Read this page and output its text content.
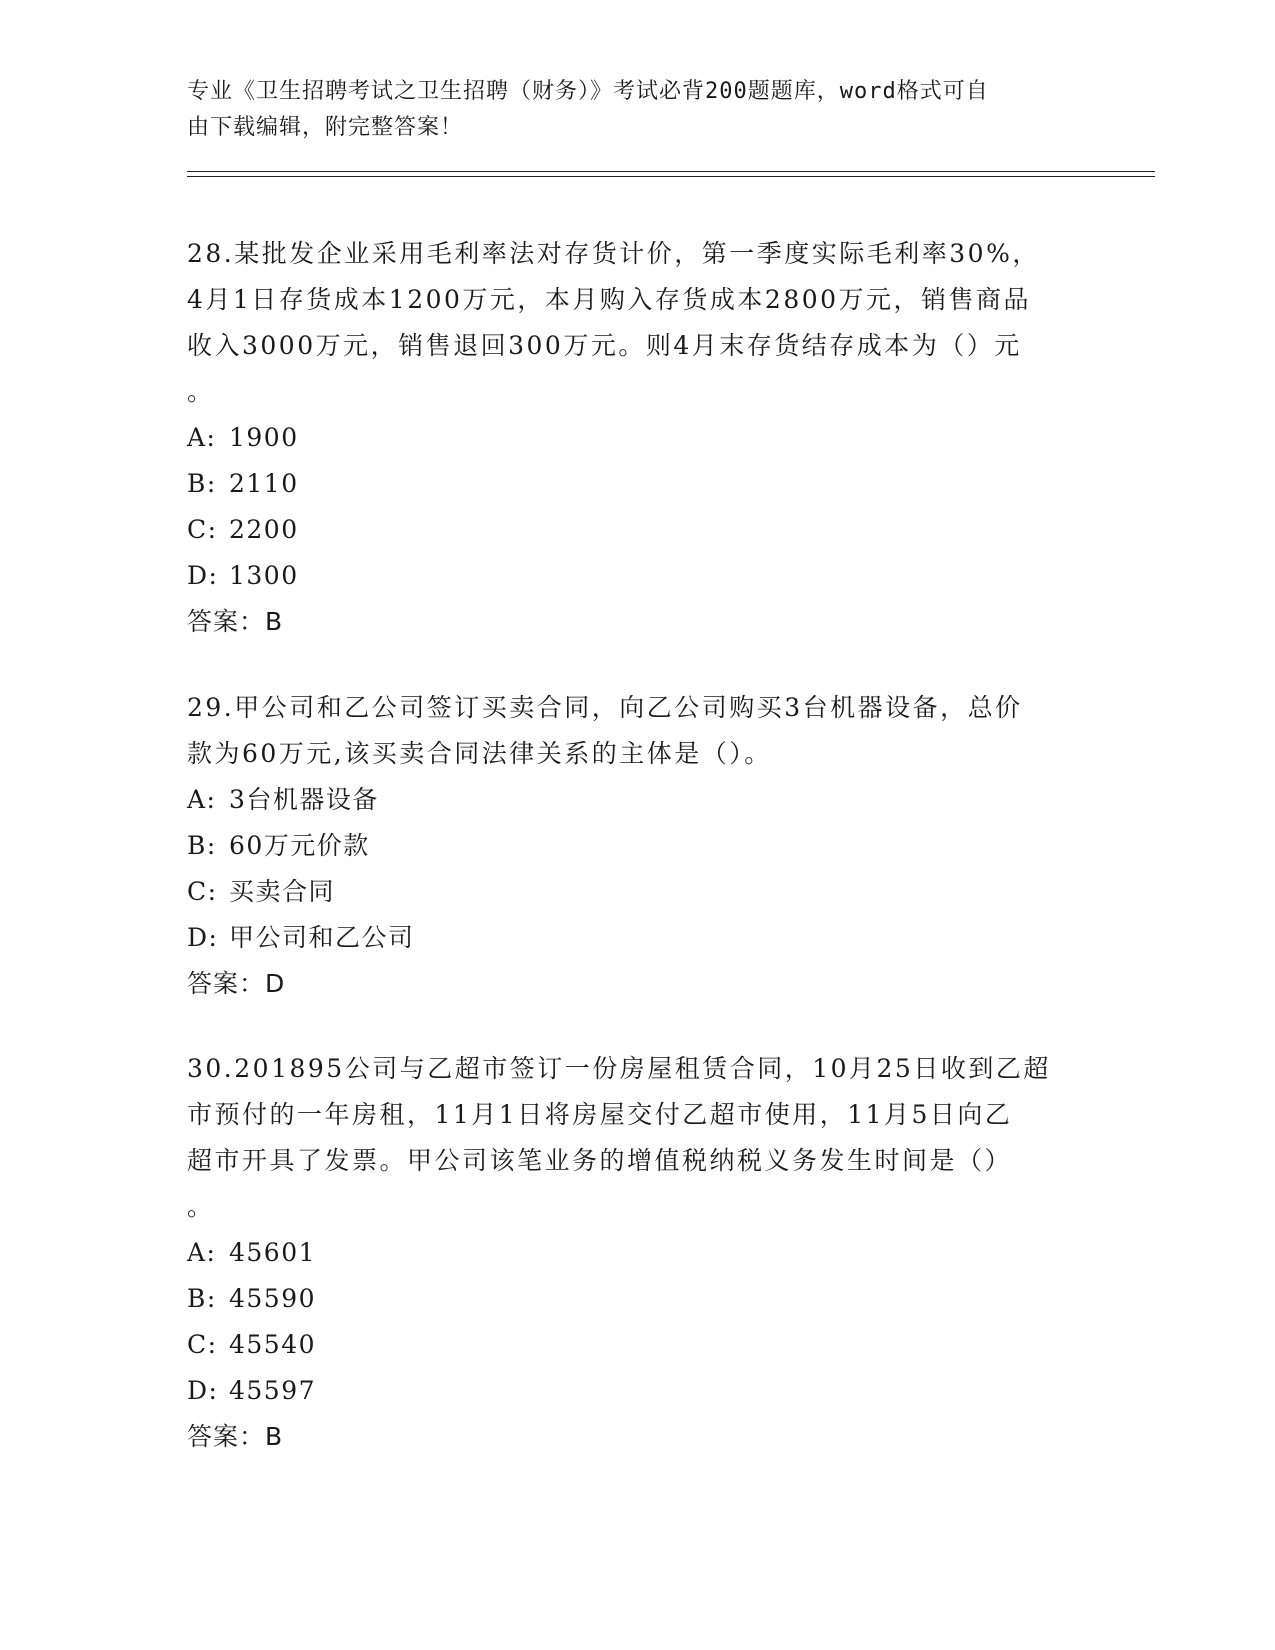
专业《卫生招聘考试之卫生招聘（财务）》考试必背200题题库，word格式可自
由下载编辑，附完整答案！

28.某批发企业采用毛利率法对存货计价，第一季度实际毛利率30%，

4月1日存货成本1200万元，本月购入存货成本2800万元，销售商品

收入3000万元，销售退回300万元。则4月末存货结存成本为（）元

。

A: 1900

B: 2110

C: 2200

D: 1300

答案：B

29.甲公司和乙公司签订买卖合同，向乙公司购买3台机器设备，总价

款为60万元,该买卖合同法律关系的主体是（）。

A: 3台机器设备

B: 60万元价款

C: 买卖合同

D: 甲公司和乙公司

答案：D

30.201895公司与乙超市签订一份房屋租赁合同，10月25日收到乙超

市预付的一年房租，11月1日将房屋交付乙超市使用，11月5日向乙

超市开具了发票。甲公司该笔业务的增值税纳税义务发生时间是（）

。

A: 45601

B: 45590

C: 45540

D: 45597

答案：B
